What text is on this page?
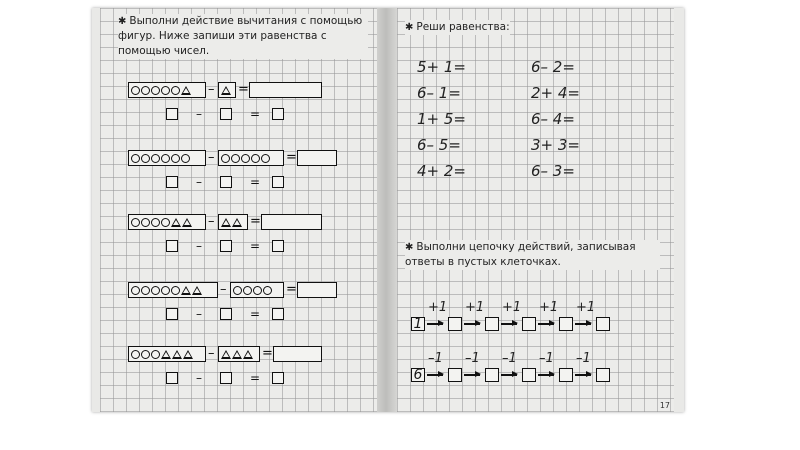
✱ Выполни действие вычитания с помощью фигур. Ниже запиши эти равенства с помощью чисел.
– =
–	=
–	=
–	=
–	=
–	=
–	=
–	=
–	=
–	=
✱ Реши равенства:
5+ 1=
6– 1=
1+ 5=
6– 5=
4+ 2=
6– 2=
2+ 4=
6– 4=
3+ 3=
6– 3=
✱ Выполни цепочку действий, записывая ответы в пустых клеточках.
1
+1 +1 +1 +1 +1
6
–1 –1 –1 –1 –1
17
